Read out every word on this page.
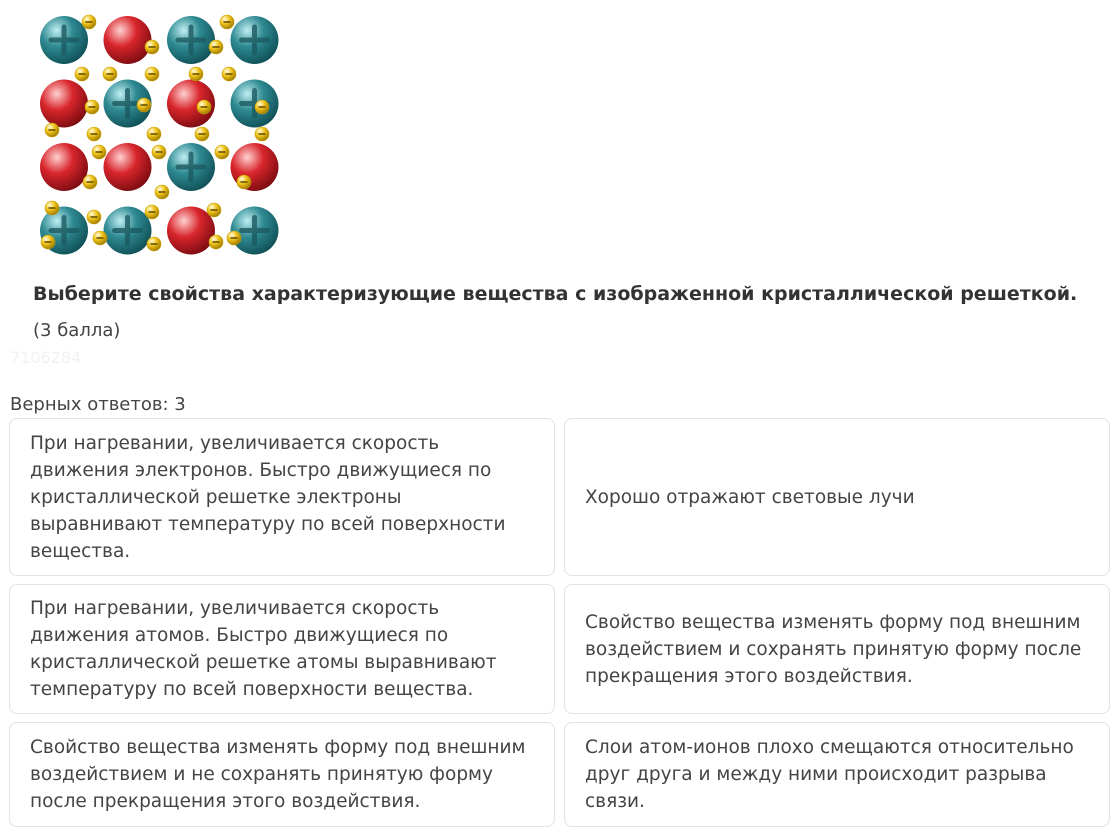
Выберите свойства характеризующие вещества с изображенной кристаллической решеткой.
(3 балла)
7106284
Верных ответов: 3
При нагревании, увеличивается скорость движения электронов. Быстро движущиеся по кристаллической решетке электроны выравнивают температуру по всей поверхности вещества.
Хорошо отражают световые лучи
При нагревании, увеличивается скорость движения атомов. Быстро движущиеся по кристаллической решетке атомы выравнивают температуру по всей поверхности вещества.
Свойство вещества изменять форму под внешним воздействием и сохранять принятую форму после прекращения этого воздействия.
Свойство вещества изменять форму под внешним воздействием и не сохранять принятую форму после прекращения этого воздействия.
Слои атом-ионов плохо смещаются относительно друг друга и между ними происходит разрыва связи.
